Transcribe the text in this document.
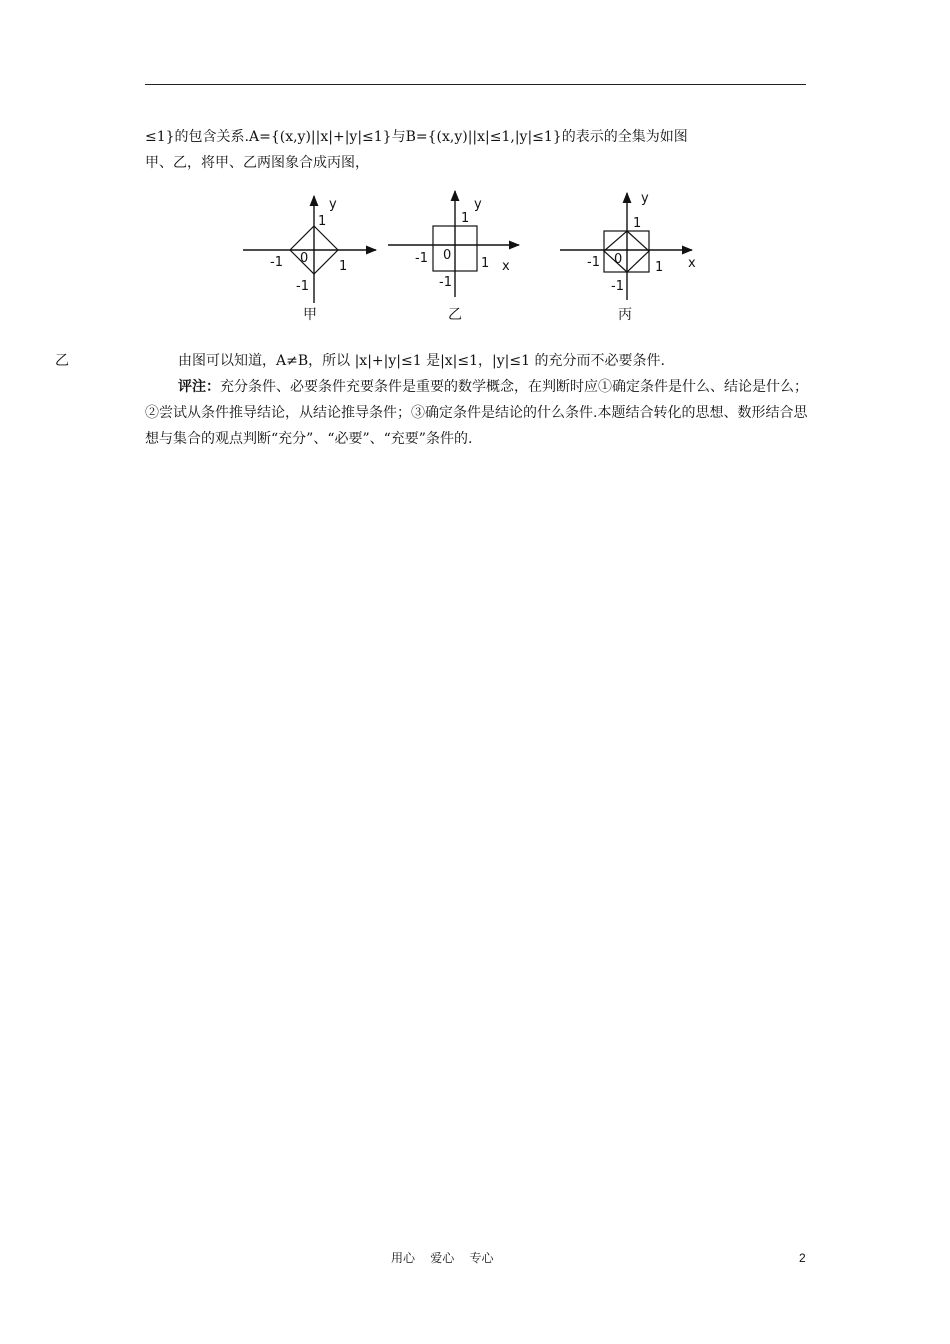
≤1}的包含关系.A={(x,y)||x|+|y|≤1}与B={(x,y)||x|≤1,|y|≤1}的表示的全集为如图
甲、乙，将甲、乙两图象合成丙图，

y
1
-1 0
1
-1
甲
y
1
-1 0
1 x
-1
乙
y
1
-1 0
1 x
-1
丙
乙	由图可以知道，A≠B，所以 |x|+|y|≤1 是|x|≤1，|y|≤1 的充分而不必要条件.

评注：充分条件、必要条件充要条件是重要的数学概念，在判断时应①确定条件是什么、结论是什么；②尝试从条件推导结论，从结论推导条件；③确定条件是结论的什么条件.本题结合转化的思想、数形结合思想与集合的观点判断“充分”、“必要”、“充要”条件的.

用心    爱心    专心	2
